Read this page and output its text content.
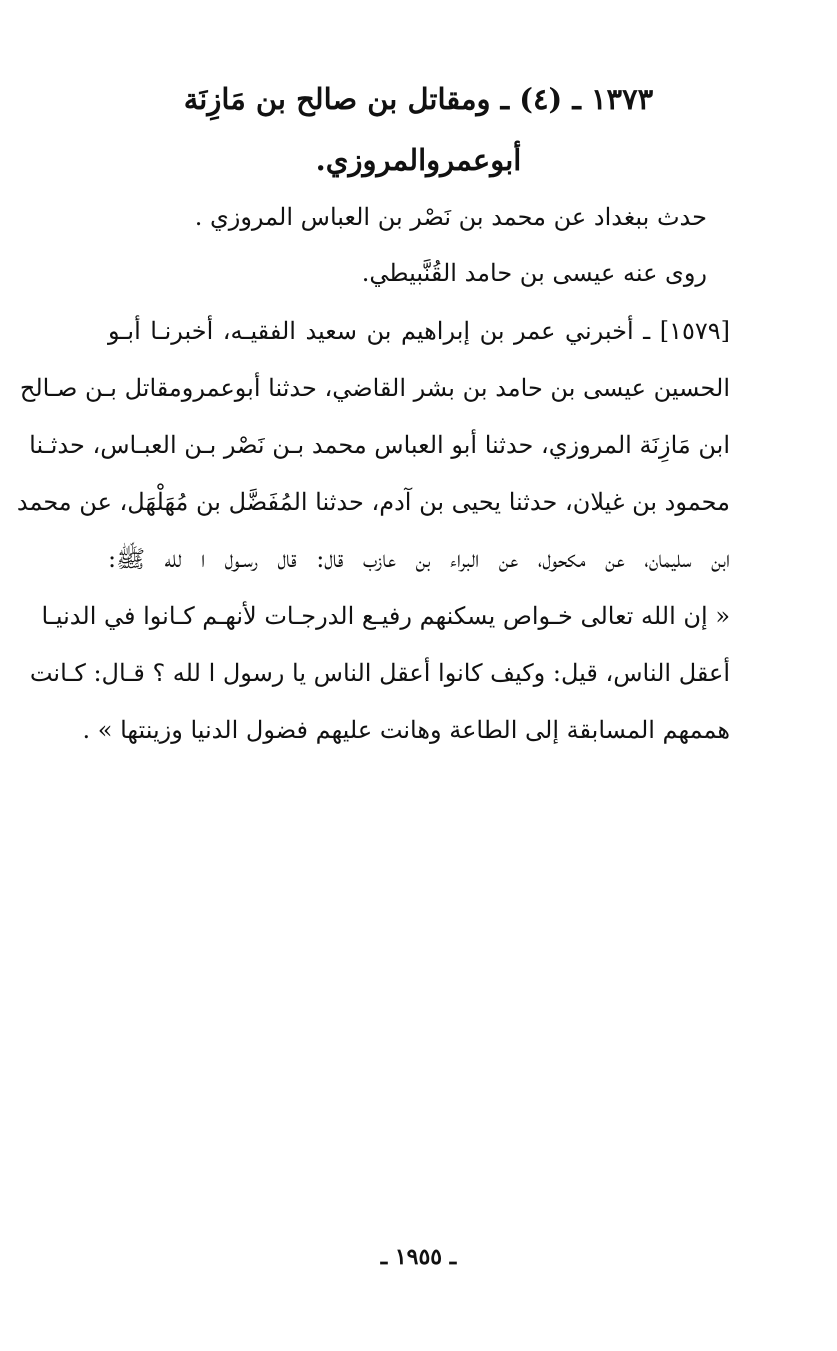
١٣٧٣ ـ (٤) ـ ومقاتل بن صالح بن مَازِنَة

أبوعمروالمروزي.

حدث ببغداد عن محمد بن نَصْر بن العباس المروزي .

روى عنه عيسى بن حامد القُنَّبيطي.

[١٥٧٩] ـ أخبرني عمر بن إبراهيم بن سعيد الفقيـه، أخبرنـا أبـو

الحسين عيسى بن حامد بن بشر القاضي، حدثنا أبوعمرومقاتل بـن صـالح

ابن مَازِنَة المروزي، حدثنا أبو العباس محمد بـن نَصْر بـن العبـاس، حدثـنا

محمود بن غيلان، حدثنا يحيى بن آدم، حدثنا المُفَضَّل بن مُهَلْهَل، عن محمد

ابن سليمان، عن مكحول، عن البراء بن عازب قال: قال رسـول ا لله ﷺ:

« إن الله تعالى خـواص يسكنهم رفيـع الدرجـات لأنهـم كـانوا في الدنيـا

أعقل الناس، قيل: وكيف كانوا أعقل الناس يا رسول ا لله ؟ قـال: كـانت

هممهم المسابقة إلى الطاعة وهانت عليهم فضول الدنيا وزينتها » .

ـ ١٩٥٥ ـ
